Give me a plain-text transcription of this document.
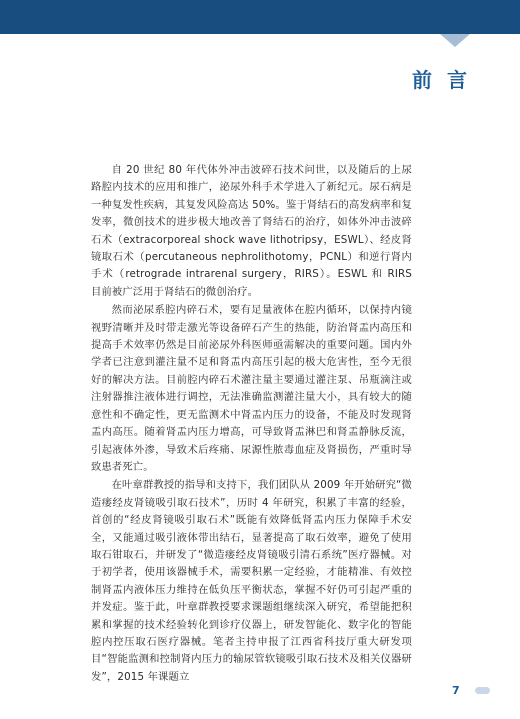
前 言

自 20 世纪 80 年代体外冲击波碎石技术问世，以及随后的上尿路腔内技术的应用和推广，泌尿外科手术学进入了新纪元。尿石病是一种复发性疾病，其复发风险高达 50%。鉴于肾结石的高发病率和复发率，微创技术的进步极大地改善了肾结石的治疗，如体外冲击波碎石术（extracorporeal shock wave lithotripsy，ESWL）、经皮肾镜取石术（percutaneous nephrolithotomy，PCNL）和逆行肾内手术（retrograde intrarenal surgery，RIRS）。ESWL 和 RIRS 目前被广泛用于肾结石的微创治疗。

然而泌尿系腔内碎石术，要有足量液体在腔内循环，以保持内镜视野清晰并及时带走激光等设备碎石产生的热能，防治肾盂内高压和提高手术效率仍然是目前泌尿外科医师亟需解决的重要问题。国内外学者已注意到灌注量不足和肾盂内高压引起的极大危害性，至今无很好的解决方法。目前腔内碎石术灌注量主要通过灌注泵、吊瓶滴注或注射器推注液体进行调控，无法准确监测灌注量大小，具有较大的随意性和不确定性，更无监测术中肾盂内压力的设备，不能及时发现肾盂内高压。随着肾盂内压力增高，可导致肾盂淋巴和肾盂静脉反流，引起液体外渗，导致术后疼痛、尿源性脓毒血症及肾损伤，严重时导致患者死亡。

在叶章群教授的指导和支持下，我们团队从 2009 年开始研究“微造瘘经皮肾镜吸引取石技术”，历时 4 年研究，积累了丰富的经验，首创的“经皮肾镜吸引取石术”既能有效降低肾盂内压力保障手术安全，又能通过吸引液体带出结石，显著提高了取石效率，避免了使用取石钳取石，并研发了“微造瘘经皮肾镜吸引清石系统”医疗器械。对于初学者，使用该器械手术，需要积累一定经验，才能精准、有效控制肾盂内液体压力维持在低负压平衡状态，掌握不好仍可引起严重的并发症。鉴于此，叶章群教授要求课题组继续深入研究，希望能把积累和掌握的技术经验转化到诊疗仪器上，研发智能化、数字化的智能腔内控压取石医疗器械。笔者主持申报了江西省科技厅重大研发项目“智能监测和控制肾内压力的输尿管软镜吸引取石技术及相关仪器研发”，2015 年课题立

7
